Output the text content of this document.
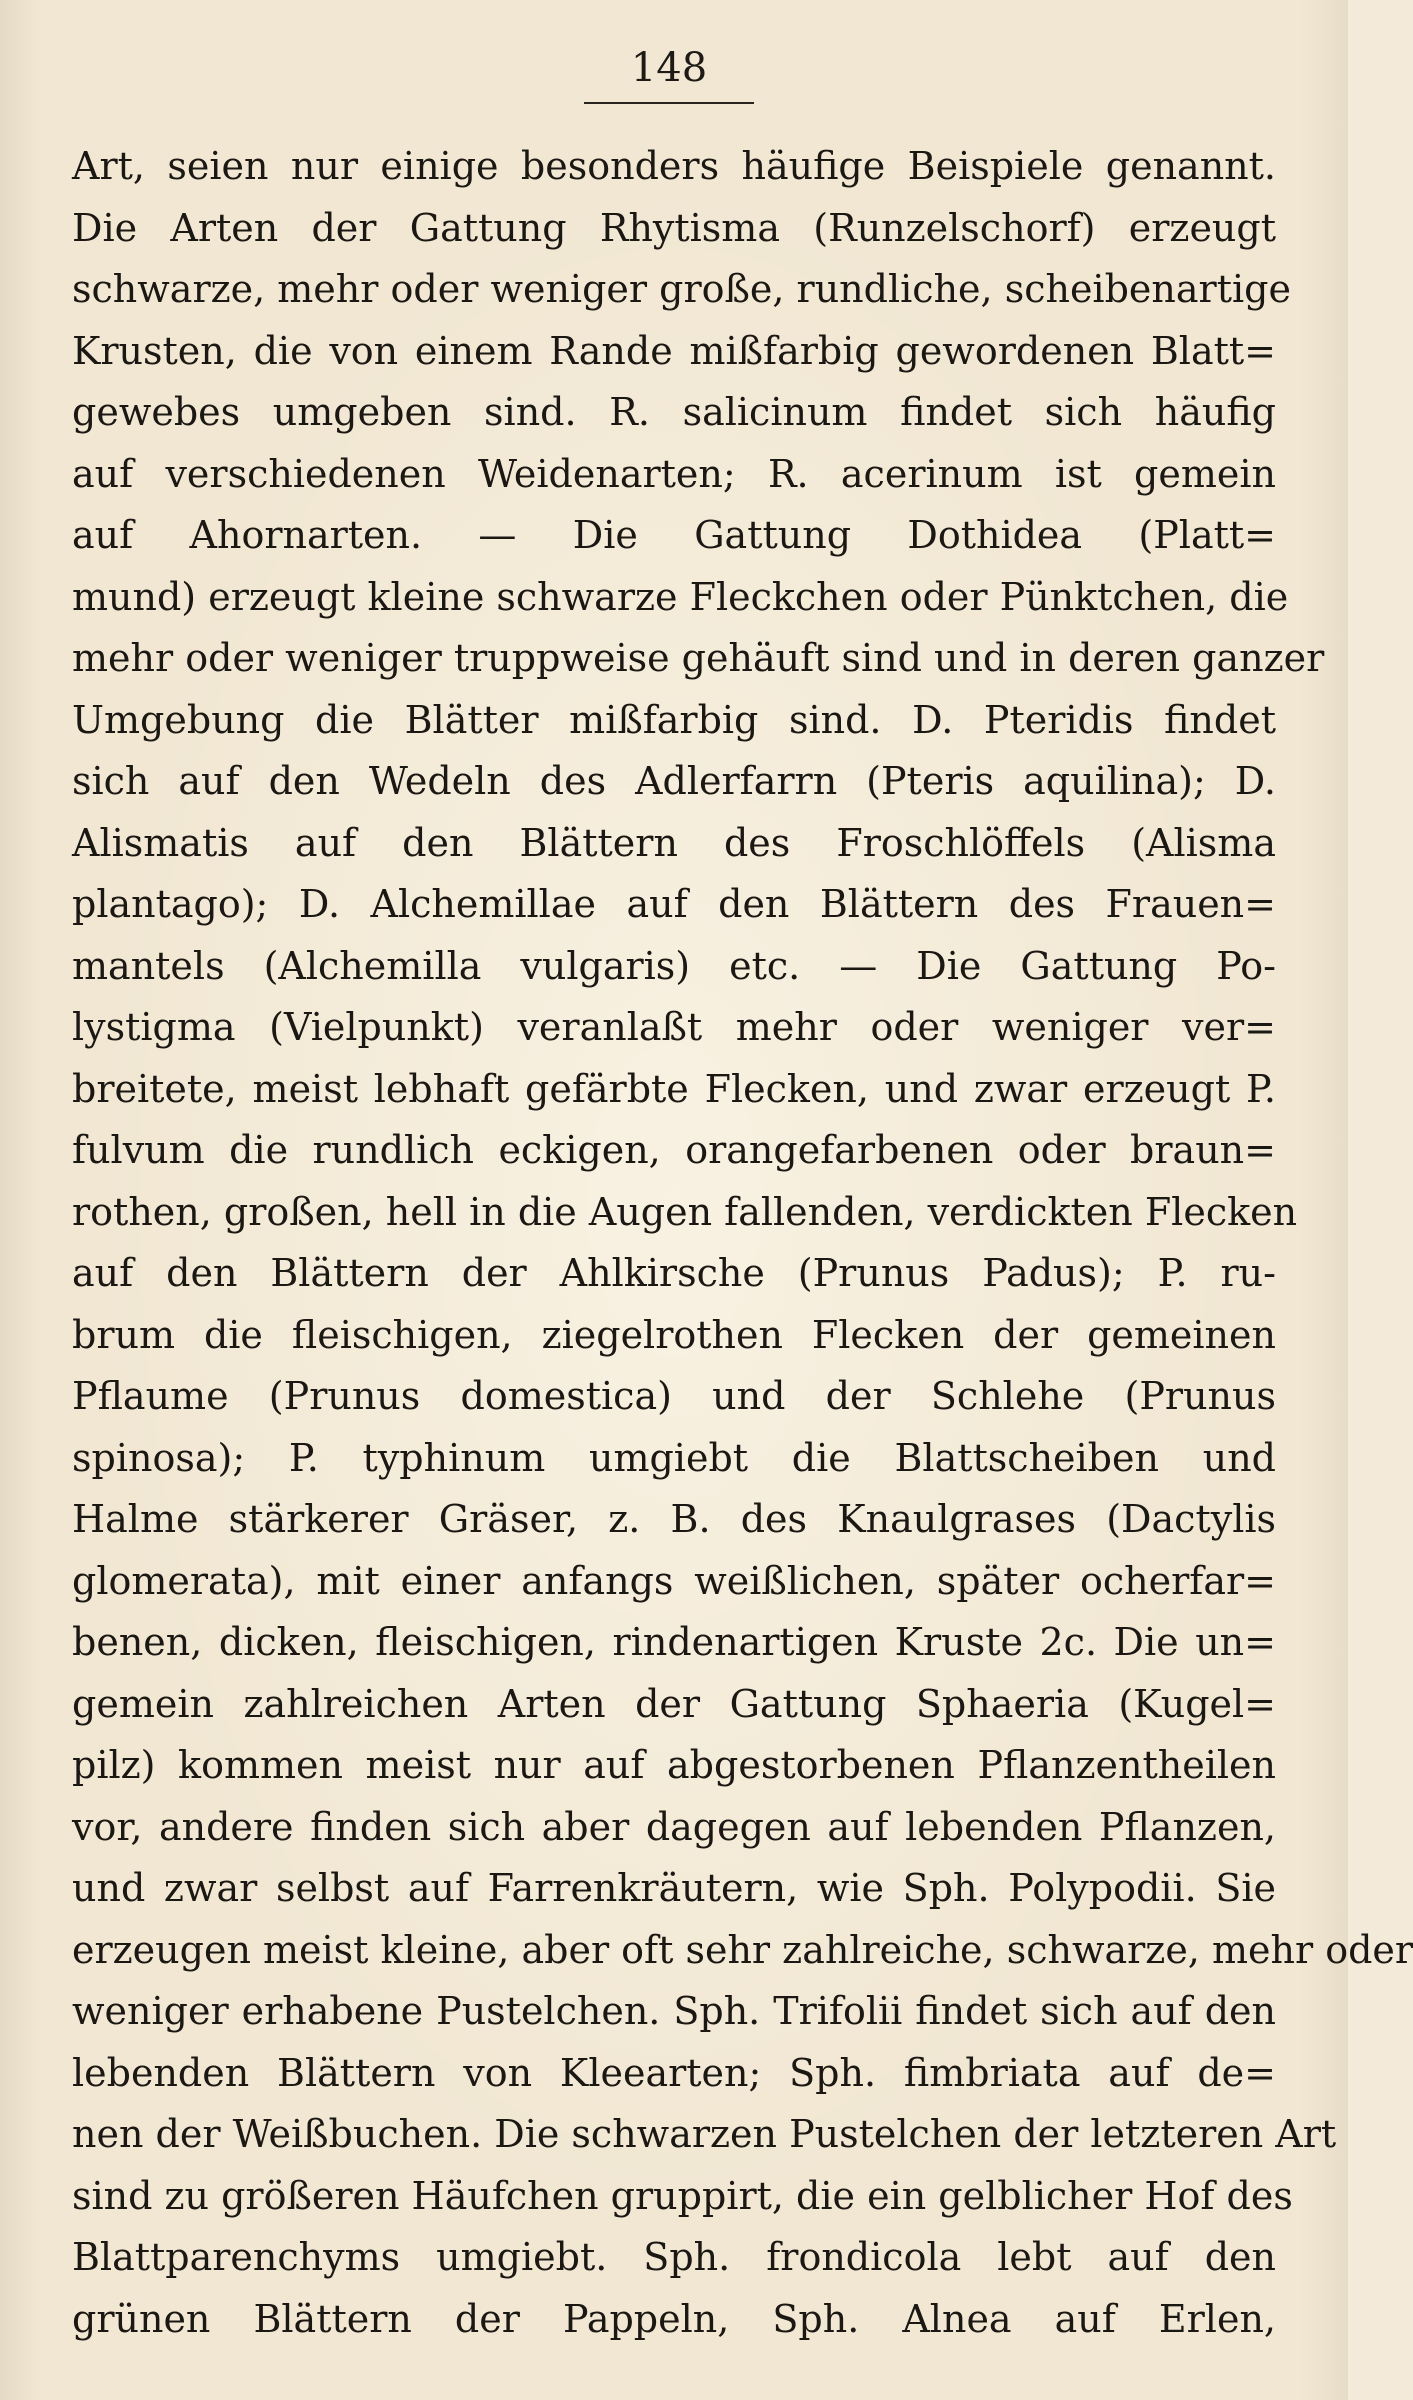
148
Art, seien nur einige besonders häufige Beispiele genannt.
Die Arten der Gattung Rhytisma (Runzelschorf) erzeugt
schwarze, mehr oder weniger große, rundliche, scheibenartige
Krusten, die von einem Rande mißfarbig gewordenen Blatt=
gewebes umgeben sind. R. salicinum findet sich häufig
auf verschiedenen Weidenarten; R. acerinum ist gemein
auf Ahornarten. — Die Gattung Dothidea (Platt=
mund) erzeugt kleine schwarze Fleckchen oder Pünktchen, die
mehr oder weniger truppweise gehäuft sind und in deren ganzer
Umgebung die Blätter mißfarbig sind. D. Pteridis findet
sich auf den Wedeln des Adlerfarrn (Pteris aquilina); D.
Alismatis auf den Blättern des Froschlöffels (Alisma
plantago); D. Alchemillae auf den Blättern des Frauen=
mantels (Alchemilla vulgaris) etc. — Die Gattung Po-
lystigma (Vielpunkt) veranlaßt mehr oder weniger ver=
breitete, meist lebhaft gefärbte Flecken, und zwar erzeugt P.
fulvum die rundlich eckigen, orangefarbenen oder braun=
rothen, großen, hell in die Augen fallenden, verdickten Flecken
auf den Blättern der Ahlkirsche (Prunus Padus); P. ru-
brum die fleischigen, ziegelrothen Flecken der gemeinen
Pflaume (Prunus domestica) und der Schlehe (Prunus
spinosa); P. typhinum umgiebt die Blattscheiben und
Halme stärkerer Gräser, z. B. des Knaulgrases (Dactylis
glomerata), mit einer anfangs weißlichen, später ocherfar=
benen, dicken, fleischigen, rindenartigen Kruste 2c. Die un=
gemein zahlreichen Arten der Gattung Sphaeria (Kugel=
pilz) kommen meist nur auf abgestorbenen Pflanzentheilen
vor, andere finden sich aber dagegen auf lebenden Pflanzen,
und zwar selbst auf Farrenkräutern, wie Sph. Polypodii. Sie
erzeugen meist kleine, aber oft sehr zahlreiche, schwarze, mehr oder
weniger erhabene Pustelchen. Sph. Trifolii findet sich auf den
lebenden Blättern von Kleearten; Sph. fimbriata auf de=
nen der Weißbuchen. Die schwarzen Pustelchen der letzteren Art
sind zu größeren Häufchen gruppirt, die ein gelblicher Hof des
Blattparenchyms umgiebt. Sph. frondicola lebt auf den
grünen Blättern der Pappeln, Sph. Alnea auf Erlen,
